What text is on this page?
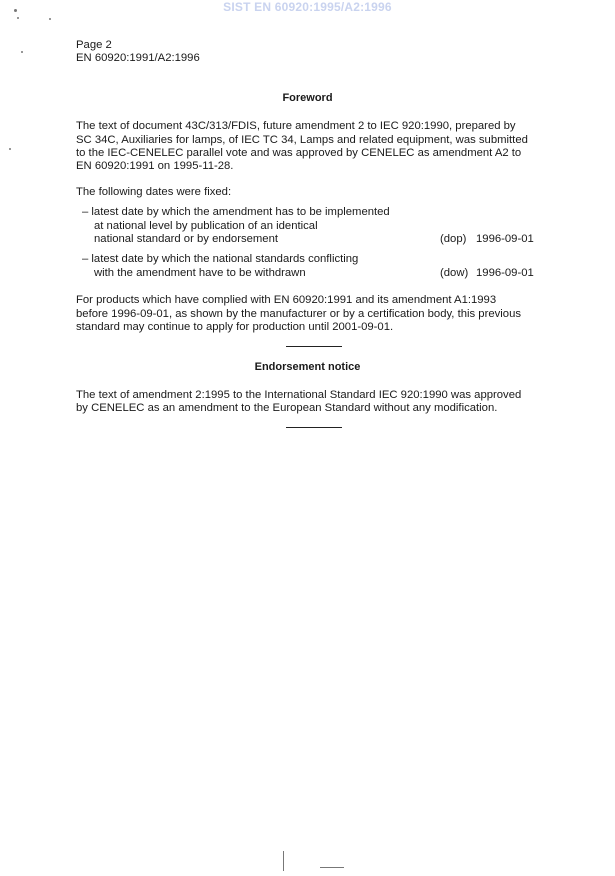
SIST EN 60920:1995/A2:1996
Page 2
EN 60920:1991/A2:1996
Foreword
The text of document 43C/313/FDIS, future amendment 2 to IEC 920:1990, prepared by
SC 34C, Auxiliaries for lamps, of IEC TC 34, Lamps and related equipment, was submitted
to the IEC-CENELEC parallel vote and was approved by CENELEC as amendment A2 to
EN 60920:1991 on 1995-11-28.
The following dates were fixed:
– latest date by which the amendment has to be implemented
at national level by publication of an identical
national standard or by endorsement	(dop) 1996-09-01
– latest date by which the national standards conflicting
with the amendment have to be withdrawn	(dow) 1996-09-01
For products which have complied with EN 60920:1991 and its amendment A1:1993
before 1996-09-01, as shown by the manufacturer or by a certification body, this previous
standard may continue to apply for production until 2001-09-01.
Endorsement notice
The text of amendment 2:1995 to the International Standard IEC 920:1990 was approved
by CENELEC as an amendment to the European Standard without any modification.
